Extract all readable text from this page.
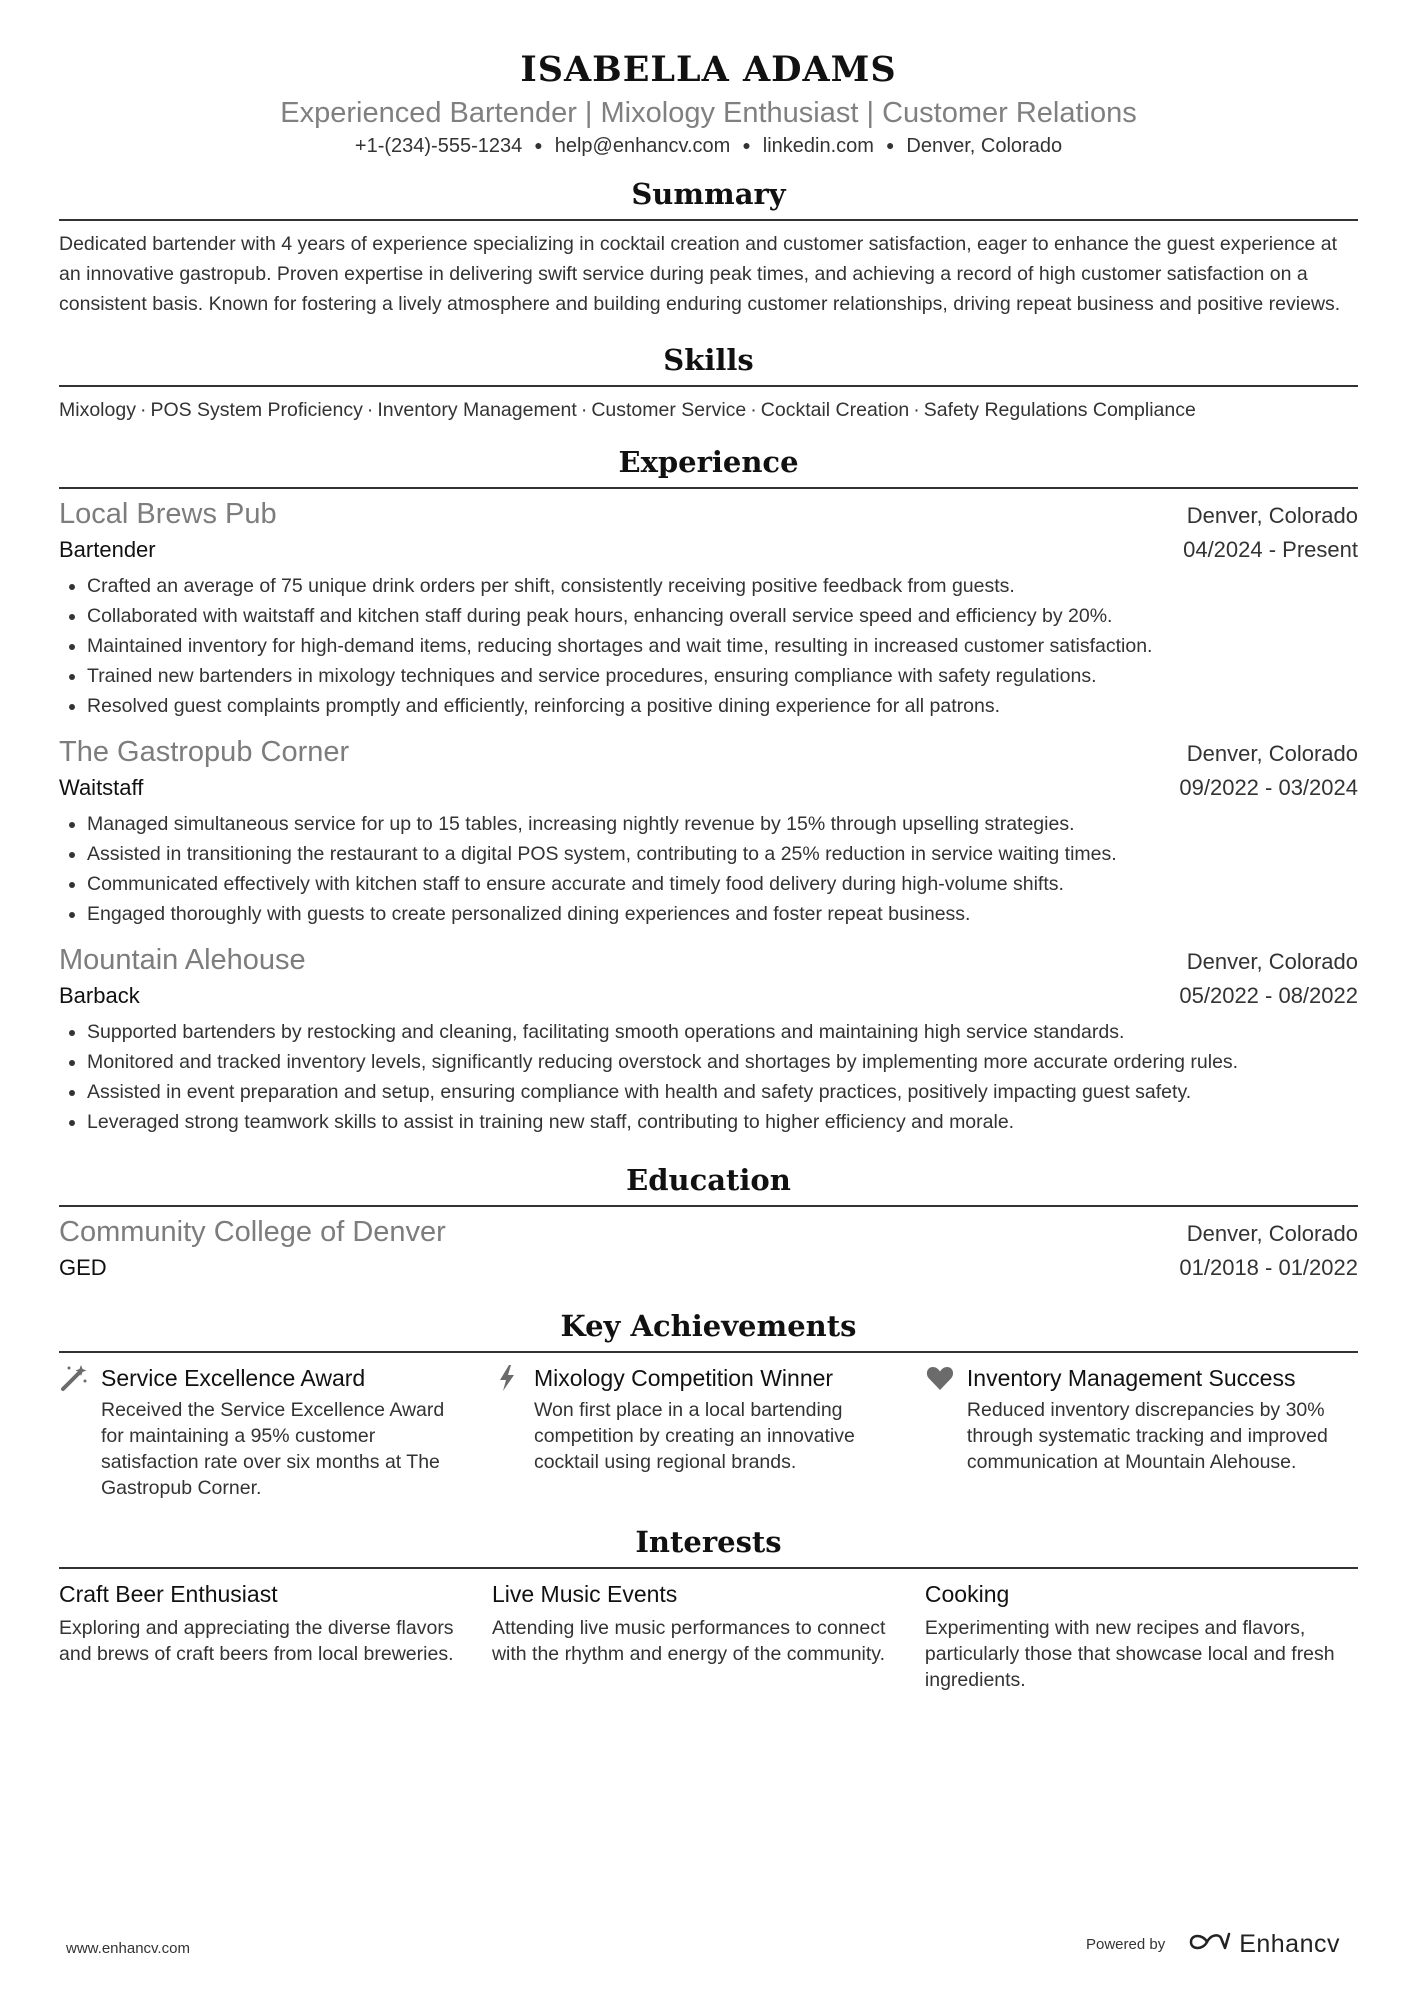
ISABELLA ADAMS
Experienced Bartender | Mixology Enthusiast | Customer Relations
+1-(234)-555-1234 ● help@enhancv.com ● linkedin.com ● Denver, Colorado
Summary
Dedicated bartender with 4 years of experience specializing in cocktail creation and customer satisfaction, eager to enhance the guest experience at an innovative gastropub. Proven expertise in delivering swift service during peak times, and achieving a record of high customer satisfaction on a consistent basis. Known for fostering a lively atmosphere and building enduring customer relationships, driving repeat business and positive reviews.
Skills
Mixology · POS System Proficiency · Inventory Management · Customer Service · Cocktail Creation · Safety Regulations Compliance
Experience
Local Brews Pub	Denver, Colorado
Bartender	04/2024 - Present
• Crafted an average of 75 unique drink orders per shift, consistently receiving positive feedback from guests.
• Collaborated with waitstaff and kitchen staff during peak hours, enhancing overall service speed and efficiency by 20%.
• Maintained inventory for high-demand items, reducing shortages and wait time, resulting in increased customer satisfaction.
• Trained new bartenders in mixology techniques and service procedures, ensuring compliance with safety regulations.
• Resolved guest complaints promptly and efficiently, reinforcing a positive dining experience for all patrons.
The Gastropub Corner	Denver, Colorado
Waitstaff	09/2022 - 03/2024
• Managed simultaneous service for up to 15 tables, increasing nightly revenue by 15% through upselling strategies.
• Assisted in transitioning the restaurant to a digital POS system, contributing to a 25% reduction in service waiting times.
• Communicated effectively with kitchen staff to ensure accurate and timely food delivery during high-volume shifts.
• Engaged thoroughly with guests to create personalized dining experiences and foster repeat business.
Mountain Alehouse	Denver, Colorado
Barback	05/2022 - 08/2022
• Supported bartenders by restocking and cleaning, facilitating smooth operations and maintaining high service standards.
• Monitored and tracked inventory levels, significantly reducing overstock and shortages by implementing more accurate ordering rules.
• Assisted in event preparation and setup, ensuring compliance with health and safety practices, positively impacting guest safety.
• Leveraged strong teamwork skills to assist in training new staff, contributing to higher efficiency and morale.
Education
Community College of Denver	Denver, Colorado
GED	01/2018 - 01/2022
Key Achievements
Service Excellence Award
Received the Service Excellence Award for maintaining a 95% customer satisfaction rate over six months at The Gastropub Corner.
Mixology Competition Winner
Won first place in a local bartending competition by creating an innovative cocktail using regional brands.
Inventory Management Success
Reduced inventory discrepancies by 30% through systematic tracking and improved communication at Mountain Alehouse.
Interests
Craft Beer Enthusiast
Exploring and appreciating the diverse flavors and brews of craft beers from local breweries.
Live Music Events
Attending live music performances to connect with the rhythm and energy of the community.
Cooking
Experimenting with new recipes and flavors, particularly those that showcase local and fresh ingredients.
www.enhancv.com	Powered by	Enhancv
